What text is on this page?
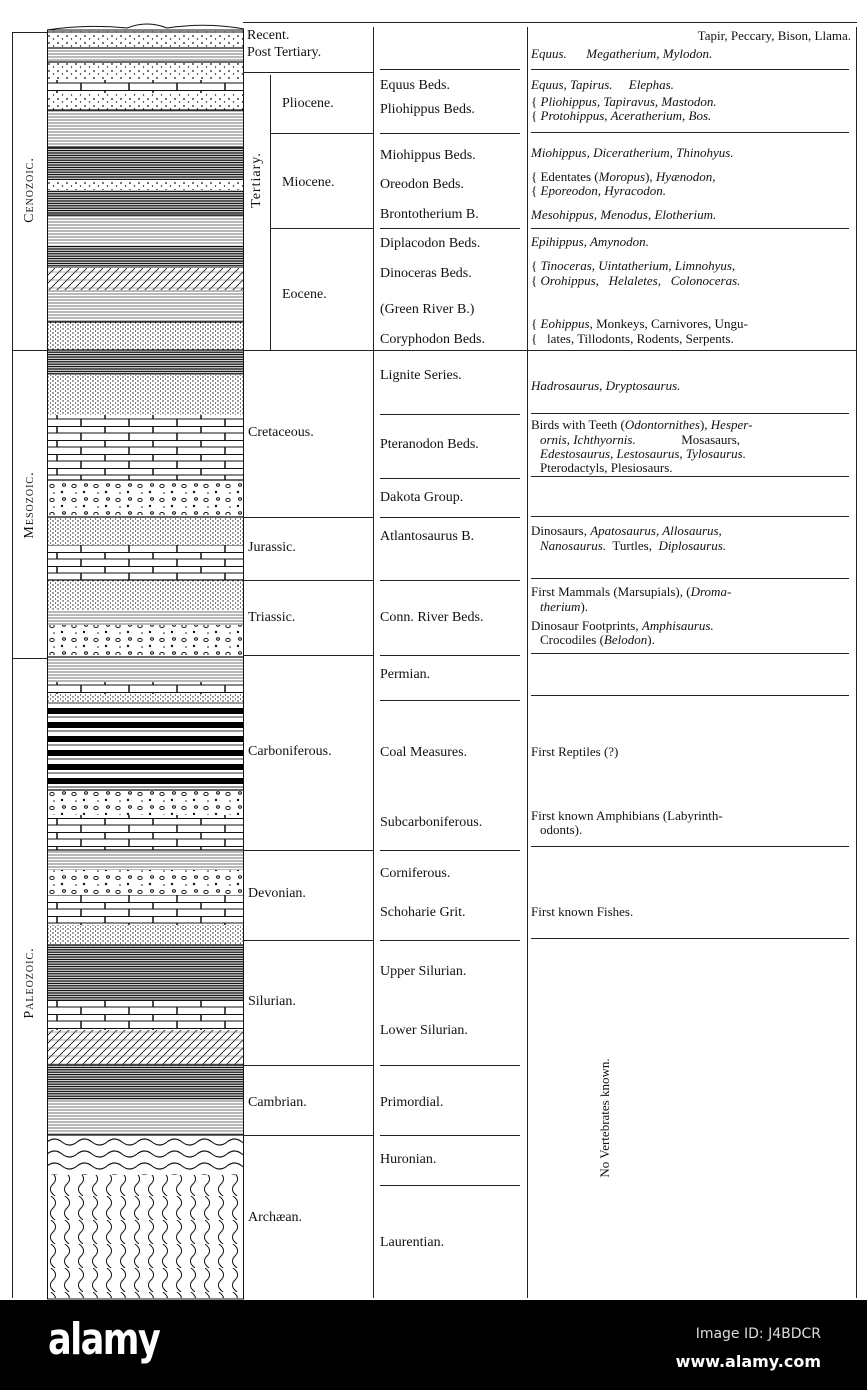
Cenozoic.
Mesozoic.
Paleozoic.
Recent.
Post Tertiary.
Tertiary.
Pliocene.
Miocene.
Eocene.
Cretaceous.
Jurassic.
Triassic.
Carboniferous.
Devonian.
Silurian.
Cambrian.
Archæan.
Equus Beds.
Pliohippus Beds.
Miohippus Beds.
Oreodon Beds.
Brontotherium B.
Diplacodon Beds.
Dinoceras Beds.
(Green River B.)
Coryphodon Beds.
Lignite Series.
Pteranodon Beds.
Dakota Group.
Atlantosaurus B.
Conn. River Beds.
Permian.
Coal Measures.
Subcarboniferous.
Corniferous.
Schoharie Grit.
Upper Silurian.
Lower Silurian.
Primordial.
Huronian.
Laurentian.
Tapir, Peccary, Bison, Llama.
Equus. Megatherium, Mylodon.
Equus, Tapirus. Elephas.
{ Pliohippus, Tapiravus, Mastodon.
{ Protohippus, Aceratherium, Bos.
Miohippus, Diceratherium, Thinohyus.
{ Edentates (Moropus), Hyænodon,
{ Eporeodon, Hyracodon.
Mesohippus, Menodus, Elotherium.
Epihippus, Amynodon.
{ Tinoceras, Uintatherium, Limnohyus,
{ Orohippus,   Helaletes,   Colonoceras.
{ Eohippus, Monkeys, Carnivores, Ungu-
{   lates, Tillodonts, Rodents, Serpents.
Hadrosaurus, Dryptosaurus.
Birds with Teeth (Odontornithes), Hesper-
ornis, Ichthyornis.              Mosasaurs,
Edestosaurus, Lestosaurus, Tylosaurus.
Pterodactyls, Plesiosaurs.
Dinosaurs, Apatosaurus, Allosaurus,
Nanosaurus.  Turtles,  Diplosaurus.
First Mammals (Marsupials), (Droma-
therium).
Dinosaur Footprints, Amphisaurus.
Crocodiles (Belodon).
First Reptiles (?)
First known Amphibians (Labyrinth-
odonts).
First known Fishes.
No Vertebrates known.
alamy	Image ID: J4BDCR
www.alamy.com
